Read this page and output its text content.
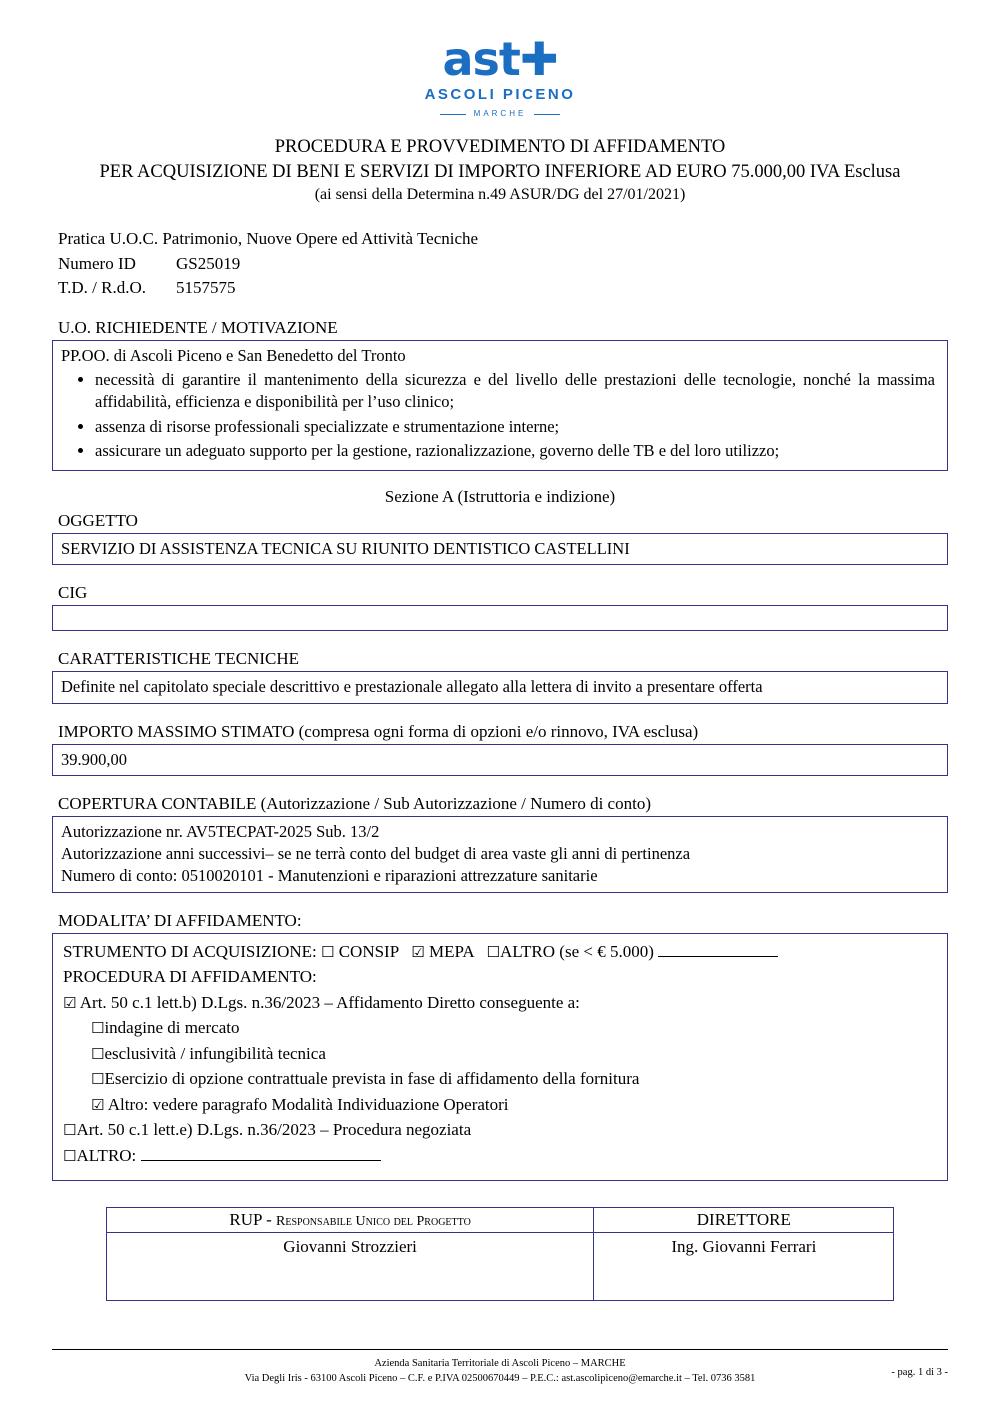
ast✚
ASCOLI PICENO
MARCHE
PROCEDURA E PROVVEDIMENTO DI AFFIDAMENTO
PER ACQUISIZIONE DI BENI E SERVIZI DI IMPORTO INFERIORE AD EURO 75.000,00 IVA Esclusa
(ai sensi della Determina n.49 ASUR/DG del 27/01/2021)
Pratica U.O.C. Patrimonio, Nuove Opere ed Attività Tecniche
Numero ID GS25019
T.D. / R.d.O. 5157575
U.O. RICHIEDENTE / MOTIVAZIONE
PP.OO. di Ascoli Piceno e San Benedetto del Tronto
• necessità di garantire il mantenimento della sicurezza e del livello delle prestazioni delle tecnologie, nonché la massima affidabilità, efficienza e disponibilità per l’uso clinico;
• assenza di risorse professionali specializzate e strumentazione interne;
• assicurare un adeguato supporto per la gestione, razionalizzazione, governo delle TB e del loro utilizzo;
Sezione A (Istruttoria e indizione)
OGGETTO
SERVIZIO DI ASSISTENZA TECNICA SU RIUNITO DENTISTICO CASTELLINI
CIG
CARATTERISTICHE TECNICHE
Definite nel capitolato speciale descrittivo e prestazionale allegato alla lettera di invito a presentare offerta
IMPORTO MASSIMO STIMATO (compresa ogni forma di opzioni e/o rinnovo, IVA esclusa)
39.900,00
COPERTURA CONTABILE (Autorizzazione / Sub Autorizzazione / Numero di conto)
Autorizzazione nr. AV5TECPAT-2025 Sub. 13/2
Autorizzazione anni successivi– se ne terrà conto del budget di area vaste gli anni di pertinenza
Numero di conto: 0510020101 - Manutenzioni e riparazioni attrezzature sanitarie
MODALITA’ DI AFFIDAMENTO:
STRUMENTO DI ACQUISIZIONE: ☐ CONSIP ☑ MEPA ☐ALTRO (se < € 5.000)
PROCEDURA DI AFFIDAMENTO:
☑ Art. 50 c.1 lett.b) D.Lgs. n.36/2023 – Affidamento Diretto conseguente a:
☐indagine di mercato
☐esclusività / infungibilità tecnica
☐Esercizio di opzione contrattuale prevista in fase di affidamento della fornitura
☑ Altro: vedere paragrafo Modalità Individuazione Operatori
☐Art. 50 c.1 lett.e) D.Lgs. n.36/2023 – Procedura negoziata
☐ALTRO:
RUP - Responsabile Unico del Progetto	DIRETTORE
Giovanni Strozzieri	Ing. Giovanni Ferrari
Azienda Sanitaria Territoriale di Ascoli Piceno – MARCHE
Via Degli Iris - 63100 Ascoli Piceno – C.F. e P.IVA 02500670449 – P.E.C.: ast.ascolipiceno@emarche.it – Tel. 0736 3581
- pag. 1 di 3 -
